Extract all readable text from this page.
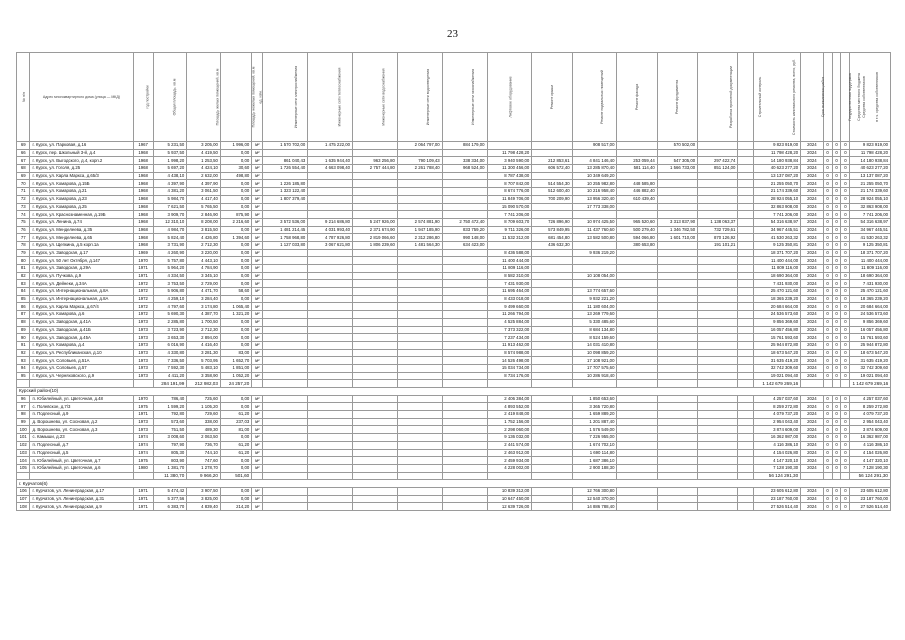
23
№ п/п	Адрес многоквартирного дома (улица — МКД)	год постройки	Общая площадь, кв.м	Площадь жилых помещений, кв.м	Площадь нежилых помещений, кв.м	ед. изм.	Инженерные сети электроснабжения	Инженерные сети теплоснабжения	Инженерные сети водоснабжения	Инженерные сети водоотведения	Инженерные сети газоснабжения	Лифтовое оборудование	Ремонт крыши	Ремонт подвальных помещений	Ремонт фасада	Ремонт фундамента	Разработка проектной документации	Строительный контроль	Стоимость капитального ремонта, всего, руб.	Срок выполнения работ	Государственная поддержка	Средства местного бюджета	Средства собственников	в т.ч. средства собственников
69	г. Курск, ул. Парковая, д.16	1967	5 231,50	3 205,00	1 996,00	м²	1 570 702,00	1 475 222,00		2 064 797,00	884 179,00			908 517,00		570 502,00			9 823 919,00	2024	0	0	0	9 823 919,00
66	г. Курск, пер. Школьный 3-й, д.4	1968	5 937,50	4 419,50	0,00	м²						11 798 428,20							11 798 428,20	2024	0	0	0	11 798 428,20
67	г. Курск, ул. Выгодского, д.4, корп.2	1968	1 998,20	1 253,50	0,00	м²	861 040,43	1 635 944,40	963 256,80	790 109,43	338 334,00	3 940 590,00	212 853,61	4 841 146,40	253 059,44	547 305,00	297 422,74		14 180 938,84	2024	0	0	0	14 180 938,84
68	г. Курск, ул. Гоголя, д.25	1968	5 697,20	4 424,10	30,60	м²	1 726 554,40	4 663 098,40	2 757 444,80	2 261 788,40	968 524,00	11 300 456,00	606 572,40	13 285 870,40	581 114,40	1 566 733,00	851 124,00		40 623 277,20	2024	0	0	0	40 623 277,20
69	г. Курск, ул. Карла Маркса, д.65/3	1968	4 438,10	2 632,00	498,80	м²						8 787 438,00		10 349 649,20					13 137 087,20	2024	0	0	0	13 137 087,20
70	г. Курск, ул. Комарова, д.15Б	1968	4 397,90	4 397,90	0,00	м²	1 226 185,80					8 707 842,00	514 554,30	10 255 982,80	448 585,80				21 255 050,70	2024	0	0	0	21 255 050,70
71	г. Курск, ул. Комарова, д.21	1968	4 381,20	3 061,50	0,00	м²	1 323 122,40					8 674 776,00	512 600,40	10 216 958,40	446 882,40				21 174 339,60	2024	0	0	0	21 174 339,60
72	г. Курск, ул. Комарова, д.23	1968	5 984,70	4 417,40	0,00	м²	1 807 379,40					11 849 706,00	700 209,90	13 956 320,40	610 439,40				28 924 055,10	2024	0	0	0	28 924 055,10
73	г. Курск, ул. Комарова, д.25	1968	7 621,50	5 765,50	0,00	м²						15 090 570,00		17 773 338,00					32 863 908,00	2024	0	0	0	32 863 908,00
74	г. Курск, ул. Краснознаменная, д.19Б	1968	3 909,70	2 846,90	875,90	м²						7 741 206,00							7 741 206,00	2024	0	0	0	7 741 206,00
75	г. Курск, ул. Ленина, д.74	1968	12 310,10	8 208,00	2 216,60	м²	3 572 536,00	9 214 686,80	5 247 926,00	2 574 881,90	2 750 472,40	8 709 603,70	726 896,90	10 974 425,50	965 520,60	3 313 837,90	1 138 063,37		54 316 638,97	2024	0	0	0	54 316 638,97
76	г. Курск, ул. Менделеева, д.35	1968	4 984,70	3 815,50	0,00	м²	1 481 214,45	4 031 993,40	2 371 674,90	1 947 185,90	833 759,20	9 711 326,00	573 849,95	11 437 760,60	500 279,40	1 346 782,50	732 729,61		34 967 445,51	2024	0	0	0	34 967 445,51
77	г. Курск, ул. Менделеева, д.65	1968	5 824,40	4 426,80	1 394,60	м²	1 758 968,80	4 787 926,80	2 819 066,60	2 312 286,80	990 148,00	11 532 312,00	681 454,80	13 582 500,80	594 066,80	1 601 710,00	870 126,92		41 530 263,32	2024	0	0	0	41 530 263,32
78	г. Курск, ул. Щепкина, д.5 корп.1а	1968	3 731,90	2 712,30	0,00	м²	1 127 033,80	3 067 621,80	1 806 239,60	1 481 564,30	634 423,00		436 632,30		380 653,80		191 101,21		9 125 350,81	2024	0	0	0	9 125 350,81
79	г. Курск, ул. Заводская, д.17	1969	4 260,90	3 220,00	0,00	м²						8 436 588,00		9 936 219,20					18 371 707,20	2024	0	0	0	18 371 707,20
80	г. Курск, ул. 50 лет Октября, д.147	1970	5 757,80	4 443,10	0,00	м²						11 400 444,00							11 400 444,00	2024	0	0	0	11 400 444,00
81	г. Курск, ул. Заводская, д.29А	1971	5 964,20	4 784,90	0,00	м²						11 809 116,00							11 809 116,00	2024	0	0	0	11 809 116,00
82	г. Курск, ул. Пучкова, д.9	1971	4 334,50	3 345,10	0,00	м²						8 582 310,00		10 108 054,00					18 690 364,00	2024	0	0	0	18 690 364,00
83	г. Курск, ул. Дейнеки, д.34А	1972	3 753,50	2 729,00	0,00	м²						7 431 930,00							7 431 930,00	2024	0	0	0	7 431 930,00
84	г. Курск, ул. Интернациональная, д.8А	1972	5 906,80	4 471,70	58,60	м²						11 695 464,00		13 774 657,60					25 470 121,60	2024	0	0	0	25 470 121,60
85	г. Курск, ул. Интернациональная, д.8А	1972	4 259,10	3 284,40	0,00	м²						8 433 018,00		9 932 221,20					18 365 239,20	2024	0	0	0	18 365 239,20
86	г. Курск, ул. Карла Маркса, д.67/4	1972	4 797,60	3 174,80	1 065,40	м²						9 499 660,00		11 180 604,00					20 684 664,00	2024	0	0	0	20 684 664,00
87	г. Курск, ул. Комарова, д.6	1972	5 690,30	4 387,70	1 321,20	м²						11 266 794,00		13 269 779,60					24 536 573,60	2024	0	0	0	24 536 573,60
88	г. Курск, ул. Заводская, д.41А	1973	2 285,80	1 700,50	0,00	м²						4 525 884,00		5 330 485,60					9 856 369,60	2024	0	0	0	9 856 369,60
89	г. Курск, ул. Заводская, д.41Б	1973	3 723,90	2 712,30	0,00	м²						7 373 322,00		8 684 134,80					16 057 456,80	2024	0	0	0	16 057 456,80
90	г. Курск, ул. Заводская, д.45А	1973	3 653,30	2 894,00	0,00	м²						7 237 434,00		8 524 159,60					15 761 593,60	2024	0	0	0	15 761 593,60
91	г. Курск, ул. Комарова, д.4	1973	6 016,90	4 416,40	0,00	м²						11 913 462,00		14 031 410,80					25 944 872,80	2024	0	0	0	25 944 872,80
92	г. Курск, ул. Республиканская, д.10	1973	4 330,80	3 281,30	83,00	м²						8 574 988,00		10 098 859,20					18 673 547,20	2024	0	0	0	18 673 547,20
93	г. Курск, ул. Соловьев, д.51А	1973	7 336,50	5 703,95	1 652,70	м²						14 526 498,00		17 108 921,00					31 635 419,20	2024	0	0	0	31 635 419,20
94	г. Курск, ул. Соловьев, д.57	1973	7 592,30	5 483,10	1 851,00	м²						15 034 734,00		17 707 575,60					32 742 309,60	2024	0	0	0	32 742 309,60
95	г. Курск, ул. Черняховского, д.9	1973	4 411,20	3 358,90	1 052,20	м²						8 734 176,00		10 286 918,40					19 021 094,40	2024	0	0	0	19 021 094,40
			284 191,99	212 982,03	24 257,20														1 142 679 269,16					1 142 679 269,16
Курский район(10)																								
96	п. Юбилейный, ул. Цветочная, д.48	1970	786,40	725,60	0,00	м²						2 406 384,00		1 850 653,60					4 257 037,60	2024	0	0	0	4 257 037,60
97	с. Полевское, д.7/3	1975	1 599,20	1 105,20	0,00	м²						4 893 552,00		3 365 720,80					8 259 272,80	2024	0	0	0	8 259 272,80
98	п. Подлесный, д.9	1971	792,80	729,60	61,20	м²						2 419 848,00		1 659 889,20					4 079 737,20	2024	0	0	0	4 079 737,20
99	д. Ворошнево, ул. Сосновая, д.2	1973	573,60	338,00	237,03	м²						1 752 156,00		1 201 887,40					2 954 043,40	2024	0	0	0	2 954 043,40
100	д. Ворошнево, ул. Сосновая, д.3	1973	751,50	489,30	81,00	м²						2 298 060,00		1 576 549,00					3 874 609,00	2024	0	0	0	3 874 609,00
101	с. Камыши, д.23	1974	3 008,60	2 063,50	0,00	м²						9 136 032,00		7 226 955,00					16 362 987,00	2024	0	0	0	16 362 987,00
102	п. Подлесный, д.7	1974	797,90	736,70	61,20	м²						2 441 574,00		1 674 702,10					4 116 386,10	2024	0	0	0	4 116 386,10
103	п. Подлесный, д.5	1974	805,30	744,10	61,20	м²						2 463 912,00		1 690 114,80					4 154 026,80	2024	0	0	0	4 154 026,80
104	п. Юбилейный, ул. Цветочная, д.7	1975	803,90	747,60	0,00	м²						2 459 934,00		1 687 386,10					4 147 320,10	2024	0	0	0	4 147 320,10
105	п. Юбилейный, ул. Цветочная, д.6	1980	1 381,70	1 278,70	0,00	м²						4 228 002,00		2 900 188,30					7 128 190,30	2024	0	0	0	7 128 190,30
			11 380,70	9 966,20	501,60														56 124 291,30					56 124 291,30
г. Курчатов(6)																								
106	г. Курчатов, ул. Ленинградская, д.17	1971	5 474,42	3 907,50	0,00	м²						10 839 312,00		12 766 300,80					23 605 612,80	2024	0	0	0	23 605 612,80
107	г. Курчатов, ул. Ленинградская, д.31	1971	5 377,56	3 825,00	0,00	м²						10 647 450,00		12 540 370,00					23 187 760,00	2024	0	0	0	23 187 760,00
108	г. Курчатов, ул. Ленинградская, д.9	1971	6 383,70	4 839,40	214,20	м²						12 639 726,00		14 886 788,40					27 526 514,40	2024	0	0	0	27 526 514,40
